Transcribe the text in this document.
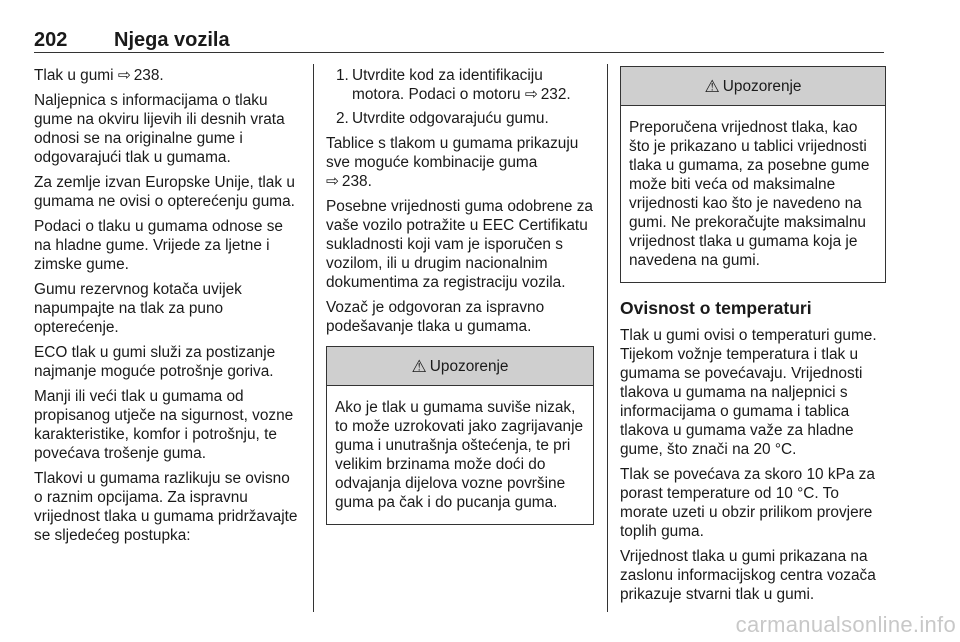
202 Njega vozila

Tlak u gumi ⇨ 238.

Naljepnica s informacijama o tlaku gume na okviru lijevih ili desnih vrata odnosi se na originalne gume i odgovarajući tlak u gumama.

Za zemlje izvan Europske Unije, tlak u gumama ne ovisi o opterećenju guma.

Podaci o tlaku u gumama odnose se na hladne gume. Vrijede za ljetne i zimske gume.

Gumu rezervnog kotača uvijek napumpajte na tlak za puno opterećenje.

ECO tlak u gumi služi za postizanje najmanje moguće potrošnje goriva.

Manji ili veći tlak u gumama od propisanog utječe na sigurnost, vozne karakteristike, komfor i potrošnju, te povećava trošenje guma.

Tlakovi u gumama razlikuju se ovisno o raznim opcijama. Za ispravnu vrijednost tlaka u gumama pridržavajte se sljedećeg postupka:

1. Utvrdite kod za identifikaciju motora. Podaci o motoru ⇨ 232.
2. Utvrdite odgovarajuću gumu.

Tablice s tlakom u gumama prikazuju sve moguće kombinacije guma
⇨ 238.

Posebne vrijednosti guma odobrene za vaše vozilo potražite u EEC Certifikatu sukladnosti koji vam je isporučen s vozilom, ili u drugim nacionalnim dokumentima za registraciju vozila.

Vozač je odgovoran za ispravno podešavanje tlaka u gumama.

⚠ Upozorenje
Ako je tlak u gumama suviše nizak, to može uzrokovati jako zagrijavanje guma i unutrašnja oštećenja, te pri velikim brzinama može doći do odvajanja dijelova vozne površine guma pa čak i do pucanja guma.
⚠ Upozorenje
Preporučena vrijednost tlaka, kao što je prikazano u tablici vrijednosti tlaka u gumama, za posebne gume može biti veća od maksimalne vrijednosti kao što je navedeno na gumi. Ne prekoračujte maksimalnu vrijednost tlaka u gumama koja je navedena na gumi.
Ovisnost o temperaturi

Tlak u gumi ovisi o temperaturi gume. Tijekom vožnje temperatura i tlak u gumama se povećavaju. Vrijednosti tlakova u gumama na naljepnici s informacijama o gumama i tablica tlakova u gumama važe za hladne gume, što znači na 20 °C.

Tlak se povećava za skoro 10 kPa za porast temperature od 10 °C. To morate uzeti u obzir prilikom provjere toplih guma.

Vrijednost tlaka u gumi prikazana na zaslonu informacijskog centra vozača prikazuje stvarni tlak u gumi.

carmanualsonline.info
